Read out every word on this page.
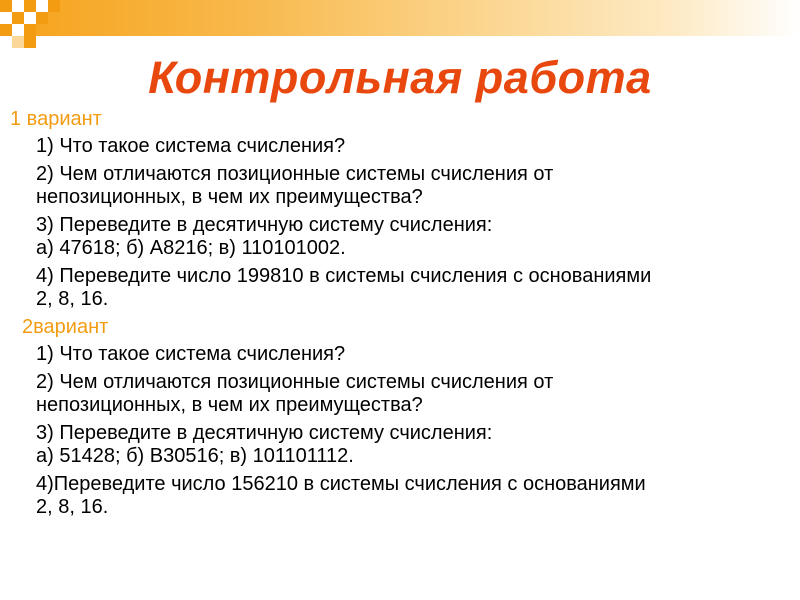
Контрольная работа
1 вариант
1) Что такое система счисления?
2) Чем отличаются позиционные системы счисления от
непозиционных, в чем их преимущества?
3) Переведите в десятичную систему счисления:
а) 47618; б) A8216; в) 110101002.
4) Переведите число 199810 в системы счисления с основаниями
2, 8, 16.
2вариант
1) Что такое система счисления?
2) Чем отличаются позиционные системы счисления от
непозиционных, в чем их преимущества?
3) Переведите в десятичную систему счисления:
а) 51428; б) B30516; в) 101101112.
4)Переведите число 156210 в системы счисления с основаниями
2, 8, 16.
